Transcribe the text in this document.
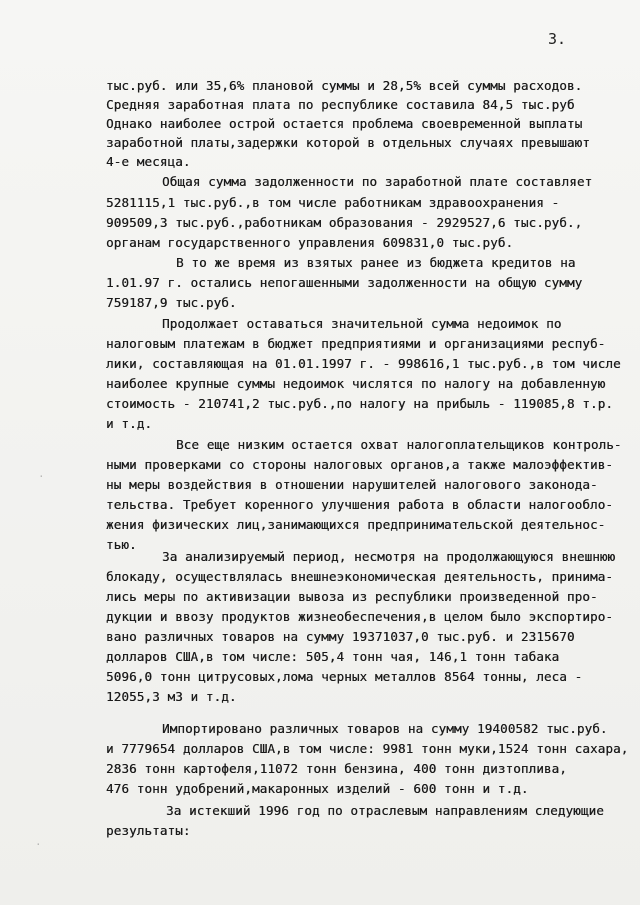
3.
тыс.руб. или 35,6% плановой суммы и 28,5% всей суммы расходов.
Средняя заработная плата по республике составила 84,5 тыс.руб
Однако наиболее острой остается проблема своевременной выплаты
заработной платы,задержки которой в отдельных случаях превышают
4-е месяца.
Общая сумма задолженности по заработной плате составляет
5281115,1 тыс.руб.,в том числе работникам здравоохранения -
909509,3 тыс.руб.,работникам образования - 2929527,6 тыс.руб.,
органам государственного управления 609831,0 тыс.руб.
В то же время из взятых ранее из бюджета кредитов на
1.01.97 г. остались непогашенными задолженности на общую сумму
759187,9 тыс.руб.
Продолжает оставаться значительной сумма недоимок по
налоговым платежам в бюджет предприятиями и организациями респуб-
лики, составляющая на 01.01.1997 г. - 998616,1 тыс.руб.,в том числе
наиболее крупные суммы недоимок числятся по налогу на добавленную
стоимость - 210741,2 тыс.руб.,по налогу на прибыль - 119085,8 т.р.
и т.д.
Все еще низким остается охват налогоплательщиков контроль-
ными проверками со стороны налоговых органов,а также малоэффектив-
ны меры воздействия в отношении нарушителей налогового законода-
тельства. Требует коренного улучшения работа в области налогообло-
жения физических лиц,занимающихся предпринимательской деятельнос-
тью.
За анализируемый период, несмотря на продолжающуюся внешнюю
блокаду, осуществлялась внешнеэкономическая деятельность, принима-
лись меры по активизации вывоза из республики произведенной про-
дукции и ввозу продуктов жизнеобеспечения,в целом было экспортиро-
вано различных товаров на сумму 19371037,0 тыс.руб. и 2315670
долларов США,в том числе: 505,4 тонн чая, 146,1 тонн табака
5096,0 тонн цитрусовых,лома черных металлов 8564 тонны, леса -
12055,3 м3 и т.д.
Импортировано различных товаров на сумму 19400582 тыс.руб.
и 7779654 долларов США,в том числе: 9981 тонн муки,1524 тонн сахара,
2836 тонн картофеля,11072 тонн бензина, 400 тонн дизтоплива,
476 тонн удобрений,макаронных изделий - 600 тонн и т.д.
За истекший 1996 год по отраслевым направлениям следующие
результаты:
·
·
